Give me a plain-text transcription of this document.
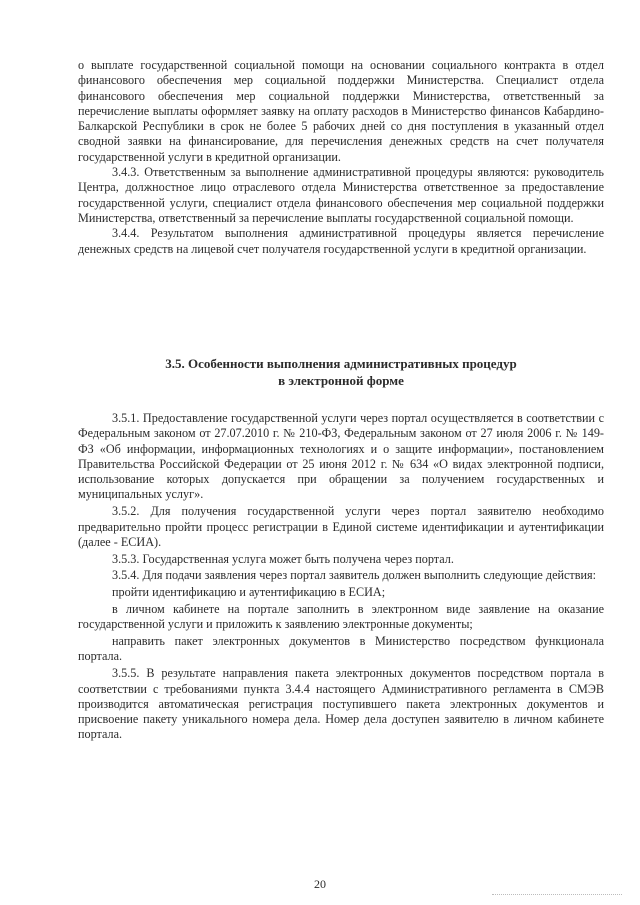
о выплате государственной социальной помощи на основании социального контракта в отдел финансового обеспечения мер социальной поддержки Министерства. Специалист отдела финансового обеспечения мер социальной поддержки Министерства, ответственный за перечисление выплаты оформляет заявку на оплату расходов в Министерство финансов Кабардино-Балкарской Республики в срок не более 5 рабочих дней со дня поступления в указанный отдел сводной заявки на финансирование, для перечисления денежных средств на счет получателя государственной услуги в кредитной организации.

3.4.3. Ответственным за выполнение административной процедуры являются: руководитель Центра, должностное лицо отраслевого отдела Министерства ответственное за предоставление государственной услуги, специалист отдела финансового обеспечения мер социальной поддержки Министерства, ответственный за перечисление выплаты государственной социальной помощи.

3.4.4. Результатом выполнения административной процедуры является перечисление денежных средств на лицевой счет получателя государственной услуги в кредитной организации.

3.5. Особенности выполнения административных процедур
в электронной форме

3.5.1. Предоставление государственной услуги через портал осуществляется в соответствии с Федеральным законом от 27.07.2010 г. № 210-ФЗ, Федеральным законом от 27 июля 2006 г. № 149-ФЗ «Об информации, информационных технологиях и о защите информации», постановлением Правительства Российской Федерации от 25 июня 2012 г. № 634 «О видах электронной подписи, использование которых допускается при обращении за получением государственных и муниципальных услуг».

3.5.2. Для получения государственной услуги через портал заявителю необходимо предварительно пройти процесс регистрации в Единой системе идентификации и аутентификации (далее - ЕСИА).

3.5.3. Государственная услуга может быть получена через портал.

3.5.4. Для подачи заявления через портал заявитель должен выполнить следующие действия:

пройти идентификацию и аутентификацию в ЕСИА;

в личном кабинете на портале заполнить в электронном виде заявление на оказание государственной услуги и приложить к заявлению электронные документы;

направить пакет электронных документов в Министерство посредством функционала портала.

3.5.5. В результате направления пакета электронных документов посредством портала в соответствии с требованиями пункта 3.4.4 настоящего Административного регламента в СМЭВ производится автоматическая регистрация поступившего пакета электронных документов и присвоение пакету уникального номера дела. Номер дела доступен заявителю в личном кабинете портала.

20
